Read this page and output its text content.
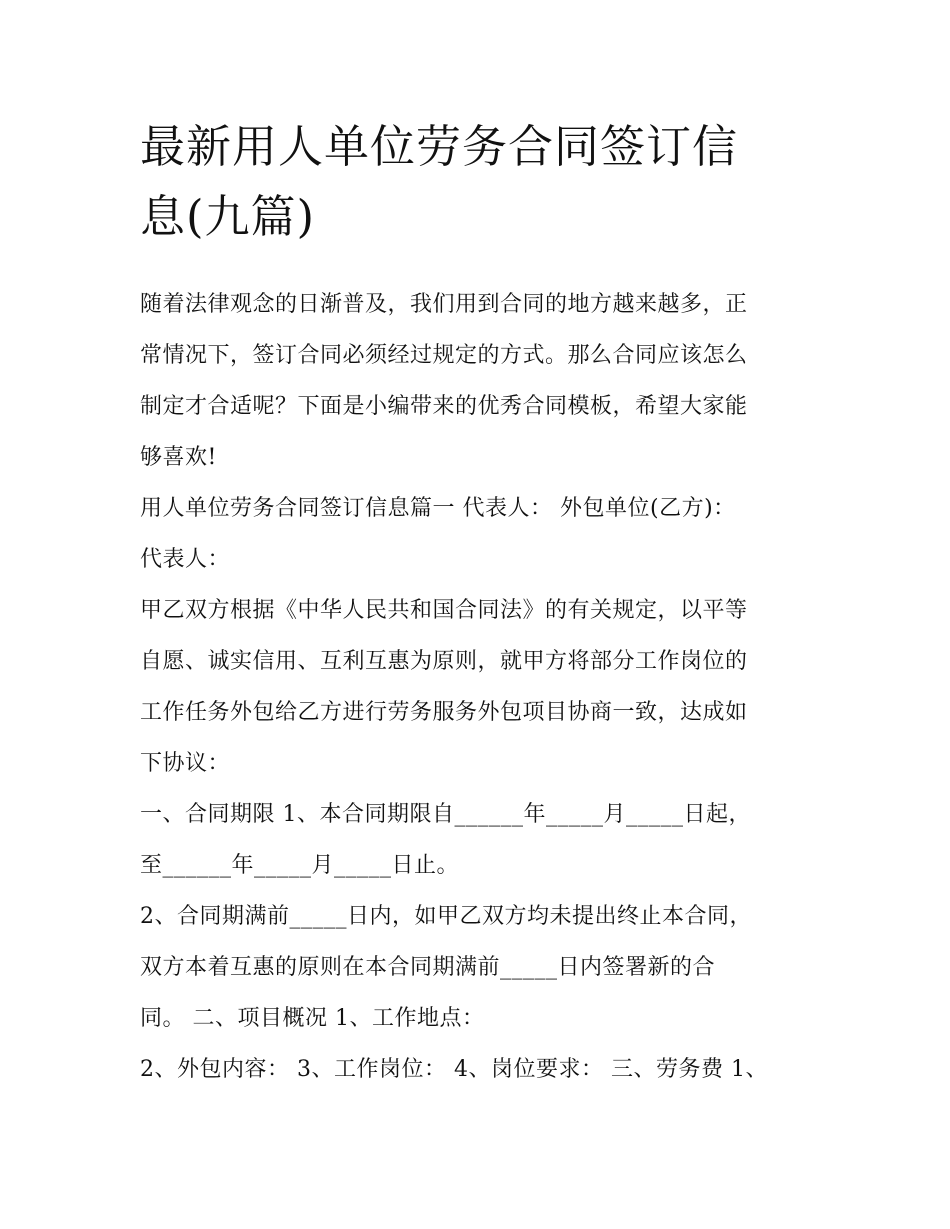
最新用人单位劳务合同签订信
息(九篇)

随着法律观念的日渐普及，我们用到合同的地方越来越多，正
常情况下，签订合同必须经过规定的方式。那么合同应该怎么
制定才合适呢？下面是小编带来的优秀合同模板，希望大家能
够喜欢!

用人单位劳务合同签订信息篇一 代表人： 外包单位(乙方)：
代表人：

甲乙双方根据《中华人民共和国合同法》的有关规定，以平等
自愿、诚实信用、互利互惠为原则，就甲方将部分工作岗位的
工作任务外包给乙方进行劳务服务外包项目协商一致，达成如
下协议：

一、合同期限 1、本合同期限自______年_____月_____日起，
至______年_____月_____日止。

2、合同期满前_____日内，如甲乙双方均未提出终止本合同，
双方本着互惠的原则在本合同期满前_____日内签署新的合
同。 二、项目概况 1、工作地点：

2、外包内容： 3、工作岗位： 4、岗位要求： 三、劳务费 1、
